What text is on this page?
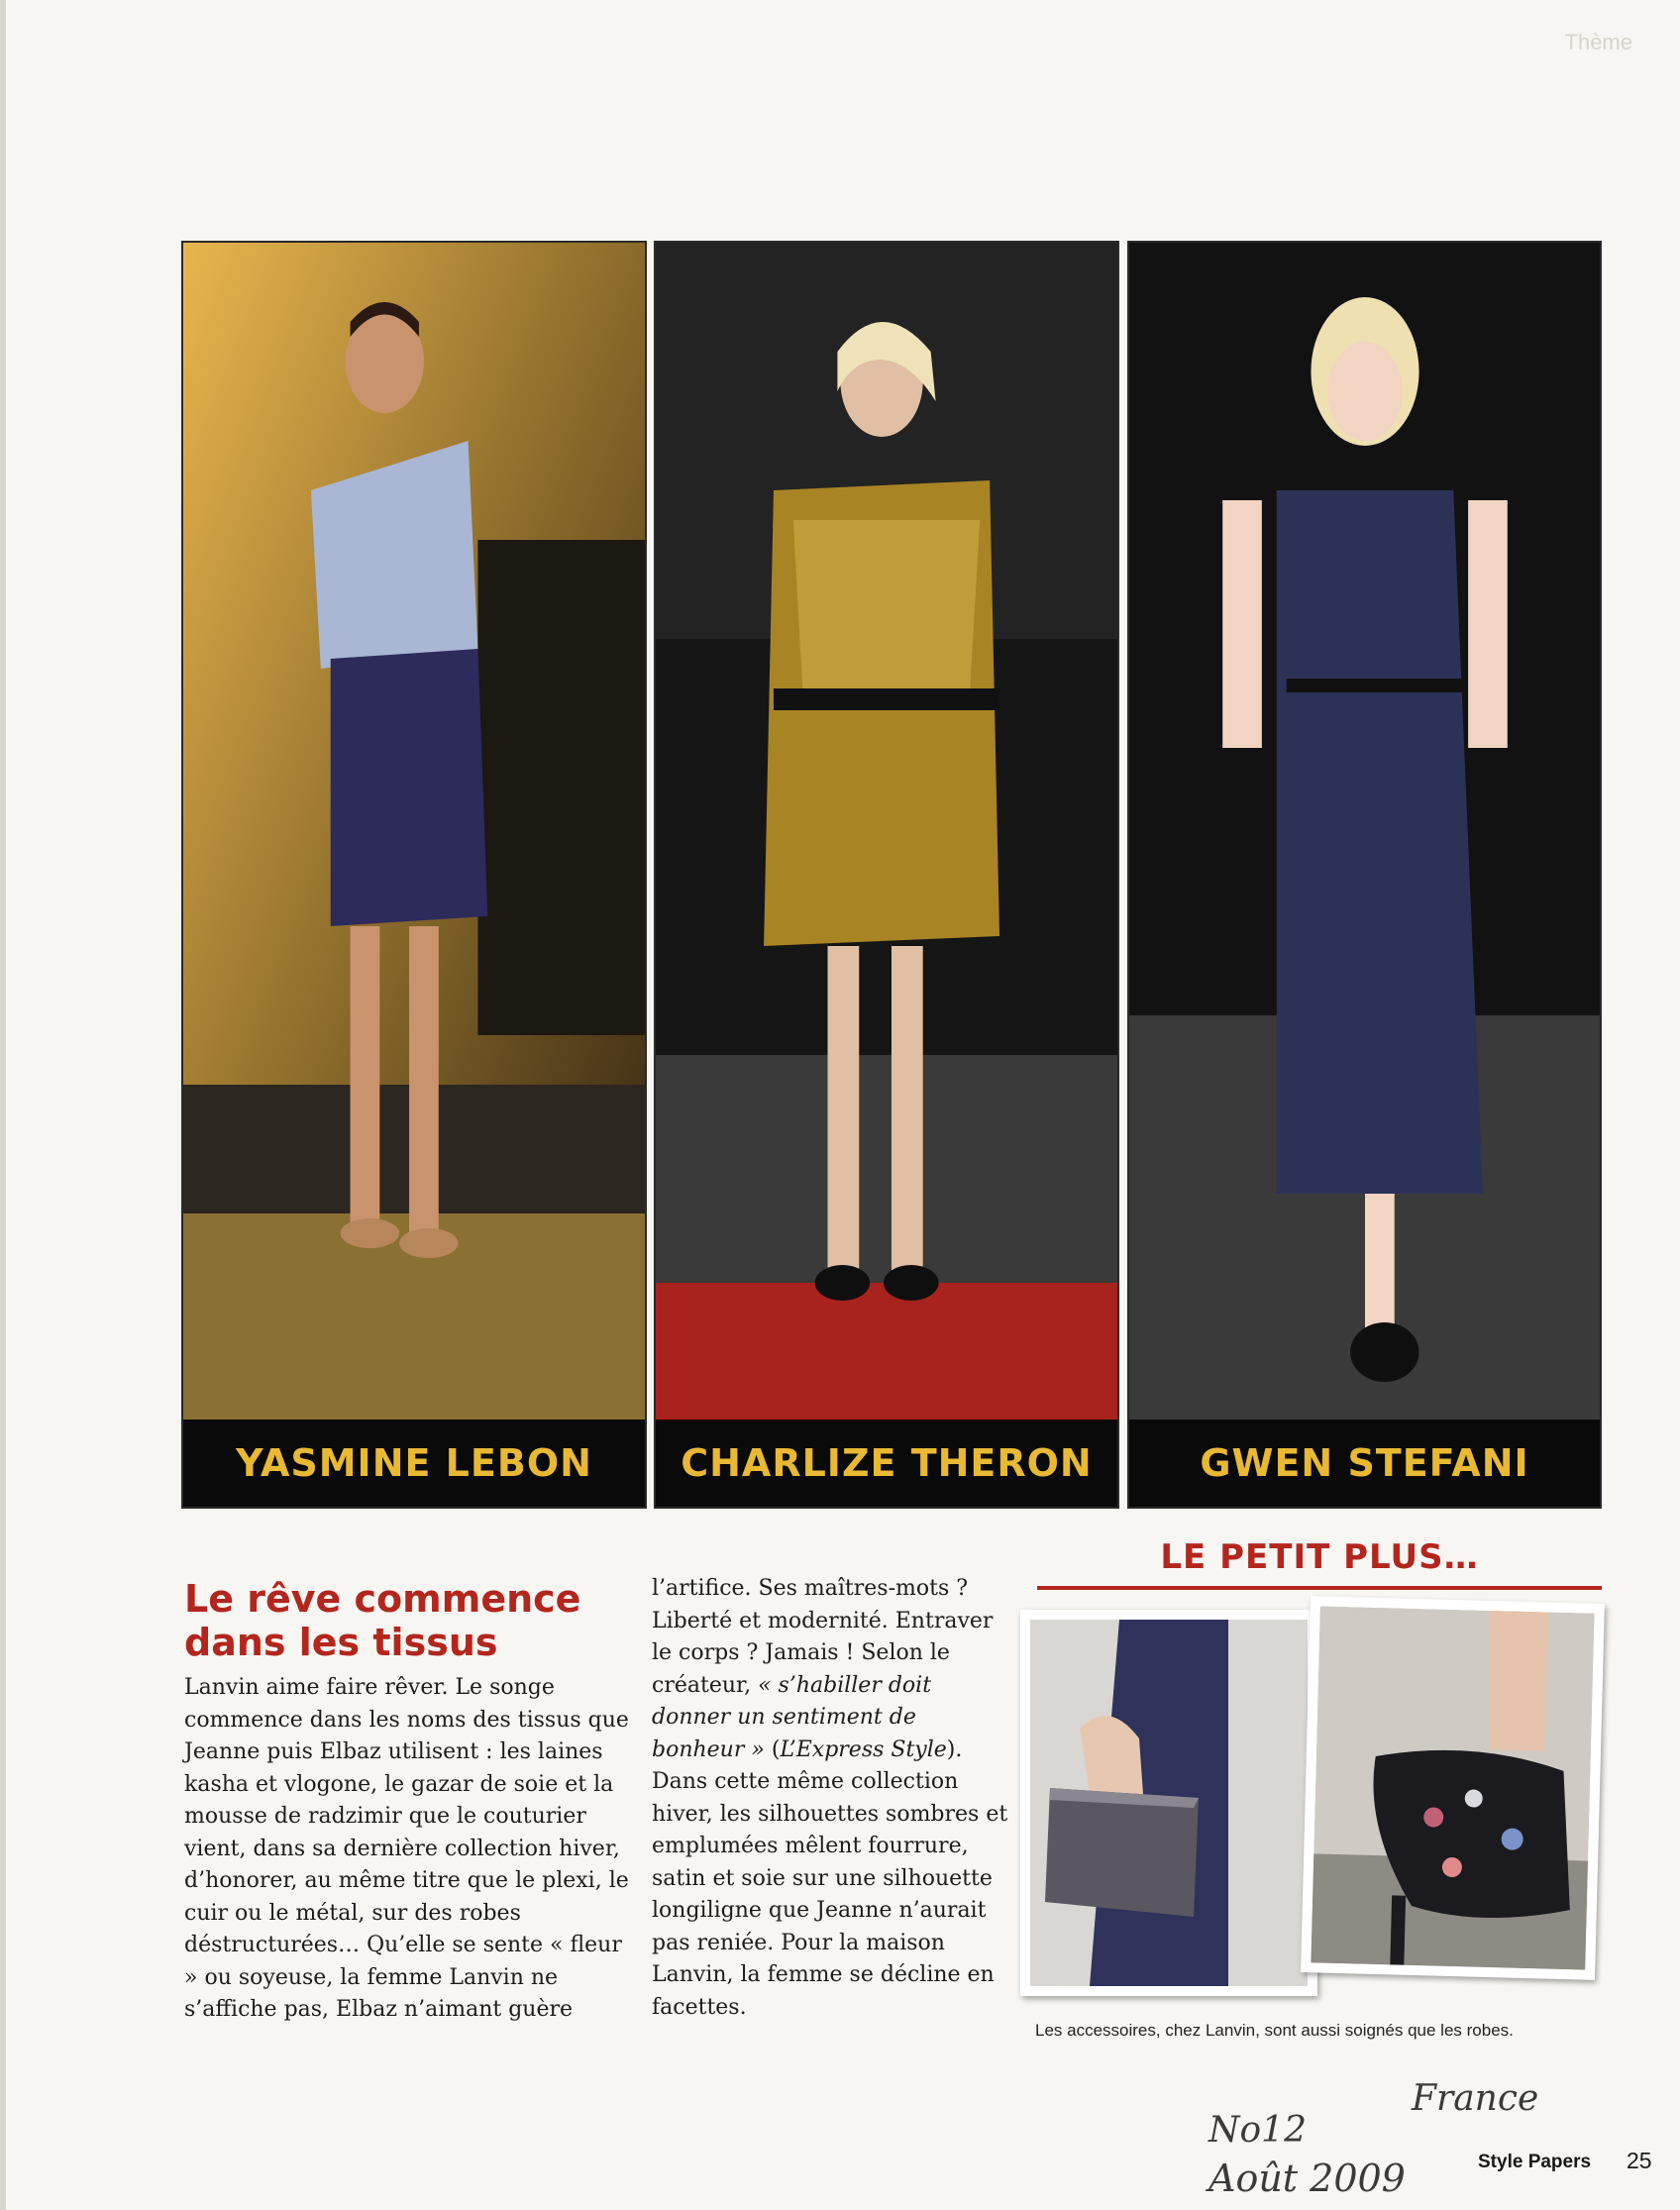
Thème
YASMINE LEBON	CHARLIZE THERON	GWEN STEFANI

Le rêve commence dans les tissus
Lanvin aime faire rêver. Le songe commence dans les noms des tissus que Jeanne puis Elbaz utilisent : les laines kasha et vlogone, le gazar de soie et la mousse de radzimir que le couturier vient, dans sa dernière collection hiver, d’honorer, au même titre que le plexi, le cuir ou le métal, sur des robes déstructurées… Qu’elle se sente « fleur » ou soyeuse, la femme Lanvin ne s’affiche pas, Elbaz n’aimant guère
l’artifice. Ses maîtres-mots ? Liberté et modernité. Entraver le corps ? Jamais ! Selon le créateur, « s’habiller doit donner un sentiment de bonheur » (L’Express Style). Dans cette même collection hiver, les silhouettes sombres et emplumées mêlent fourrure, satin et soie sur une silhouette longiligne que Jeanne n’aurait pas reniée. Pour la maison Lanvin, la femme se décline en facettes.
LE PETIT PLUS…
Les accessoires, chez Lanvin, sont aussi soignés que les robes.
France
No12
Août 2009	Style Papers 25
